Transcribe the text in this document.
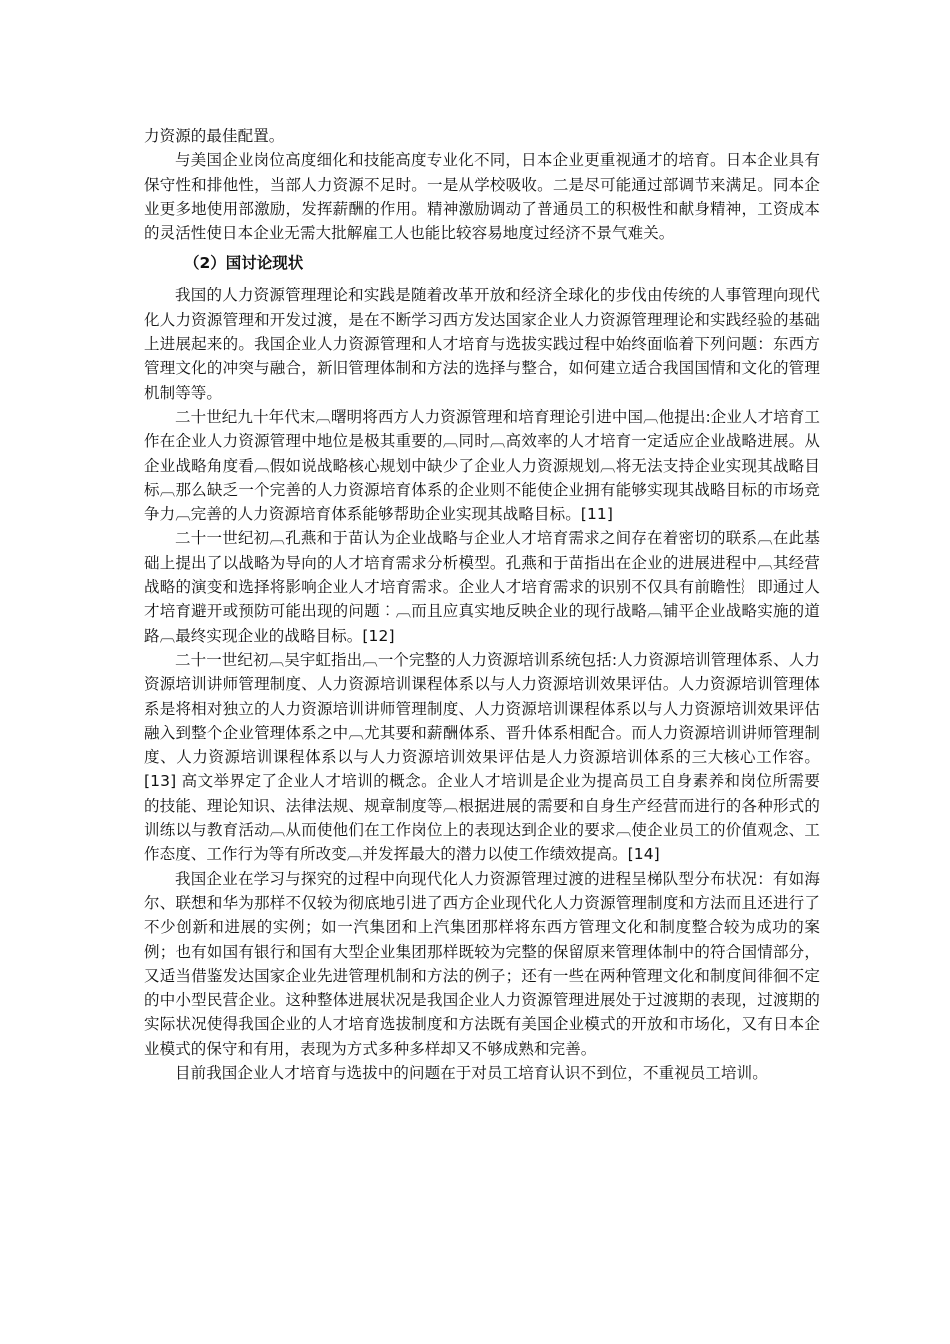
力资源的最佳配置。

与美国企业岗位高度细化和技能高度专业化不同，日本企业更重视通才的培育。日本企业具有保守性和排他性，当部人力资源不足时。一是从学校吸收。二是尽可能通过部调节来满足。同本企业更多地使用部激励，发挥薪酬的作用。精神激励调动了普通员工的积极性和献身精神，工资成本的灵活性使日本企业无需大批解雇工人也能比较容易地度过经济不景气难关。

（2）国讨论现状

我国的人力资源管理理论和实践是随着改革开放和经济全球化的步伐由传统的人事管理向现代化人力资源管理和开发过渡，是在不断学习西方发达国家企业人力资源管理理论和实践经验的基础上进展起来的。我国企业人力资源管理和人才培育与选拔实践过程中始终面临着下列问题：东西方管理文化的冲突与融合，新旧管理体制和方法的选择与整合，如何建立适合我国国情和文化的管理机制等等。

二十世纪九十年代末︹曙明将西方人力资源管理和培育理论引进中国︹他提出:企业人才培育工作在企业人力资源管理中地位是极其重要的︹同时︹高效率的人才培育一定适应企业战略进展。从企业战略角度看︹假如说战略核心规划中缺少了企业人力资源规划︹将无法支持企业实现其战略目标︹那么缺乏一个完善的人力资源培育体系的企业则不能使企业拥有能够实现其战略目标的市场竞争力︹完善的人力资源培育体系能够帮助企业实现其战略目标。[11]

二十一世纪初︹孔燕和于苗认为企业战略与企业人才培育需求之间存在着密切的联系︹在此基础上提出了以战略为导向的人才培育需求分析模型。孔燕和于苗指出在企业的进展进程中︹其经营战略的演变和选择将影响企业人才培育需求。企业人才培育需求的识别不仅具有前瞻性︴即通过人才培育避开或预防可能出现的问题︰︹而且应真实地反映企业的现行战略︹铺平企业战略实施的道路︹最终实现企业的战略目标。[12]

二十一世纪初︹吴宇虹指出︹一个完整的人力资源培训系统包括:人力资源培训管理体系、人力资源培训讲师管理制度、人力资源培训课程体系以与人力资源培训效果评估。人力资源培训管理体系是将相对独立的人力资源培训讲师管理制度、人力资源培训课程体系以与人力资源培训效果评估融入到整个企业管理体系之中︹尤其要和薪酬体系、晋升体系相配合。而人力资源培训讲师管理制度、人力资源培训课程体系以与人力资源培训效果评估是人力资源培训体系的三大核心工作容。[13] 高文举界定了企业人才培训的概念。企业人才培训是企业为提高员工自身素养和岗位所需要的技能、理论知识、法律法规、规章制度等︹根据进展的需要和自身生产经营而进行的各种形式的训练以与教育活动︹从而使他们在工作岗位上的表现达到企业的要求︹使企业员工的价值观念、工作态度、工作行为等有所改变︹并发挥最大的潜力以使工作绩效提高。[14]

我国企业在学习与探究的过程中向现代化人力资源管理过渡的进程呈梯队型分布状况：有如海尔、联想和华为那样不仅较为彻底地引进了西方企业现代化人力资源管理制度和方法而且还进行了不少创新和进展的实例；如一汽集团和上汽集团那样将东西方管理文化和制度整合较为成功的案例；也有如国有银行和国有大型企业集团那样既较为完整的保留原来管理体制中的符合国情部分，又适当借鉴发达国家企业先进管理机制和方法的例子；还有一些在两种管理文化和制度间徘徊不定的中小型民营企业。这种整体进展状况是我国企业人力资源管理进展处于过渡期的表现，过渡期的实际状况使得我国企业的人才培育选拔制度和方法既有美国企业模式的开放和市场化，又有日本企业模式的保守和有用，表现为方式多种多样却又不够成熟和完善。

目前我国企业人才培育与选拔中的问题在于对员工培育认识不到位，不重视员工培训。
